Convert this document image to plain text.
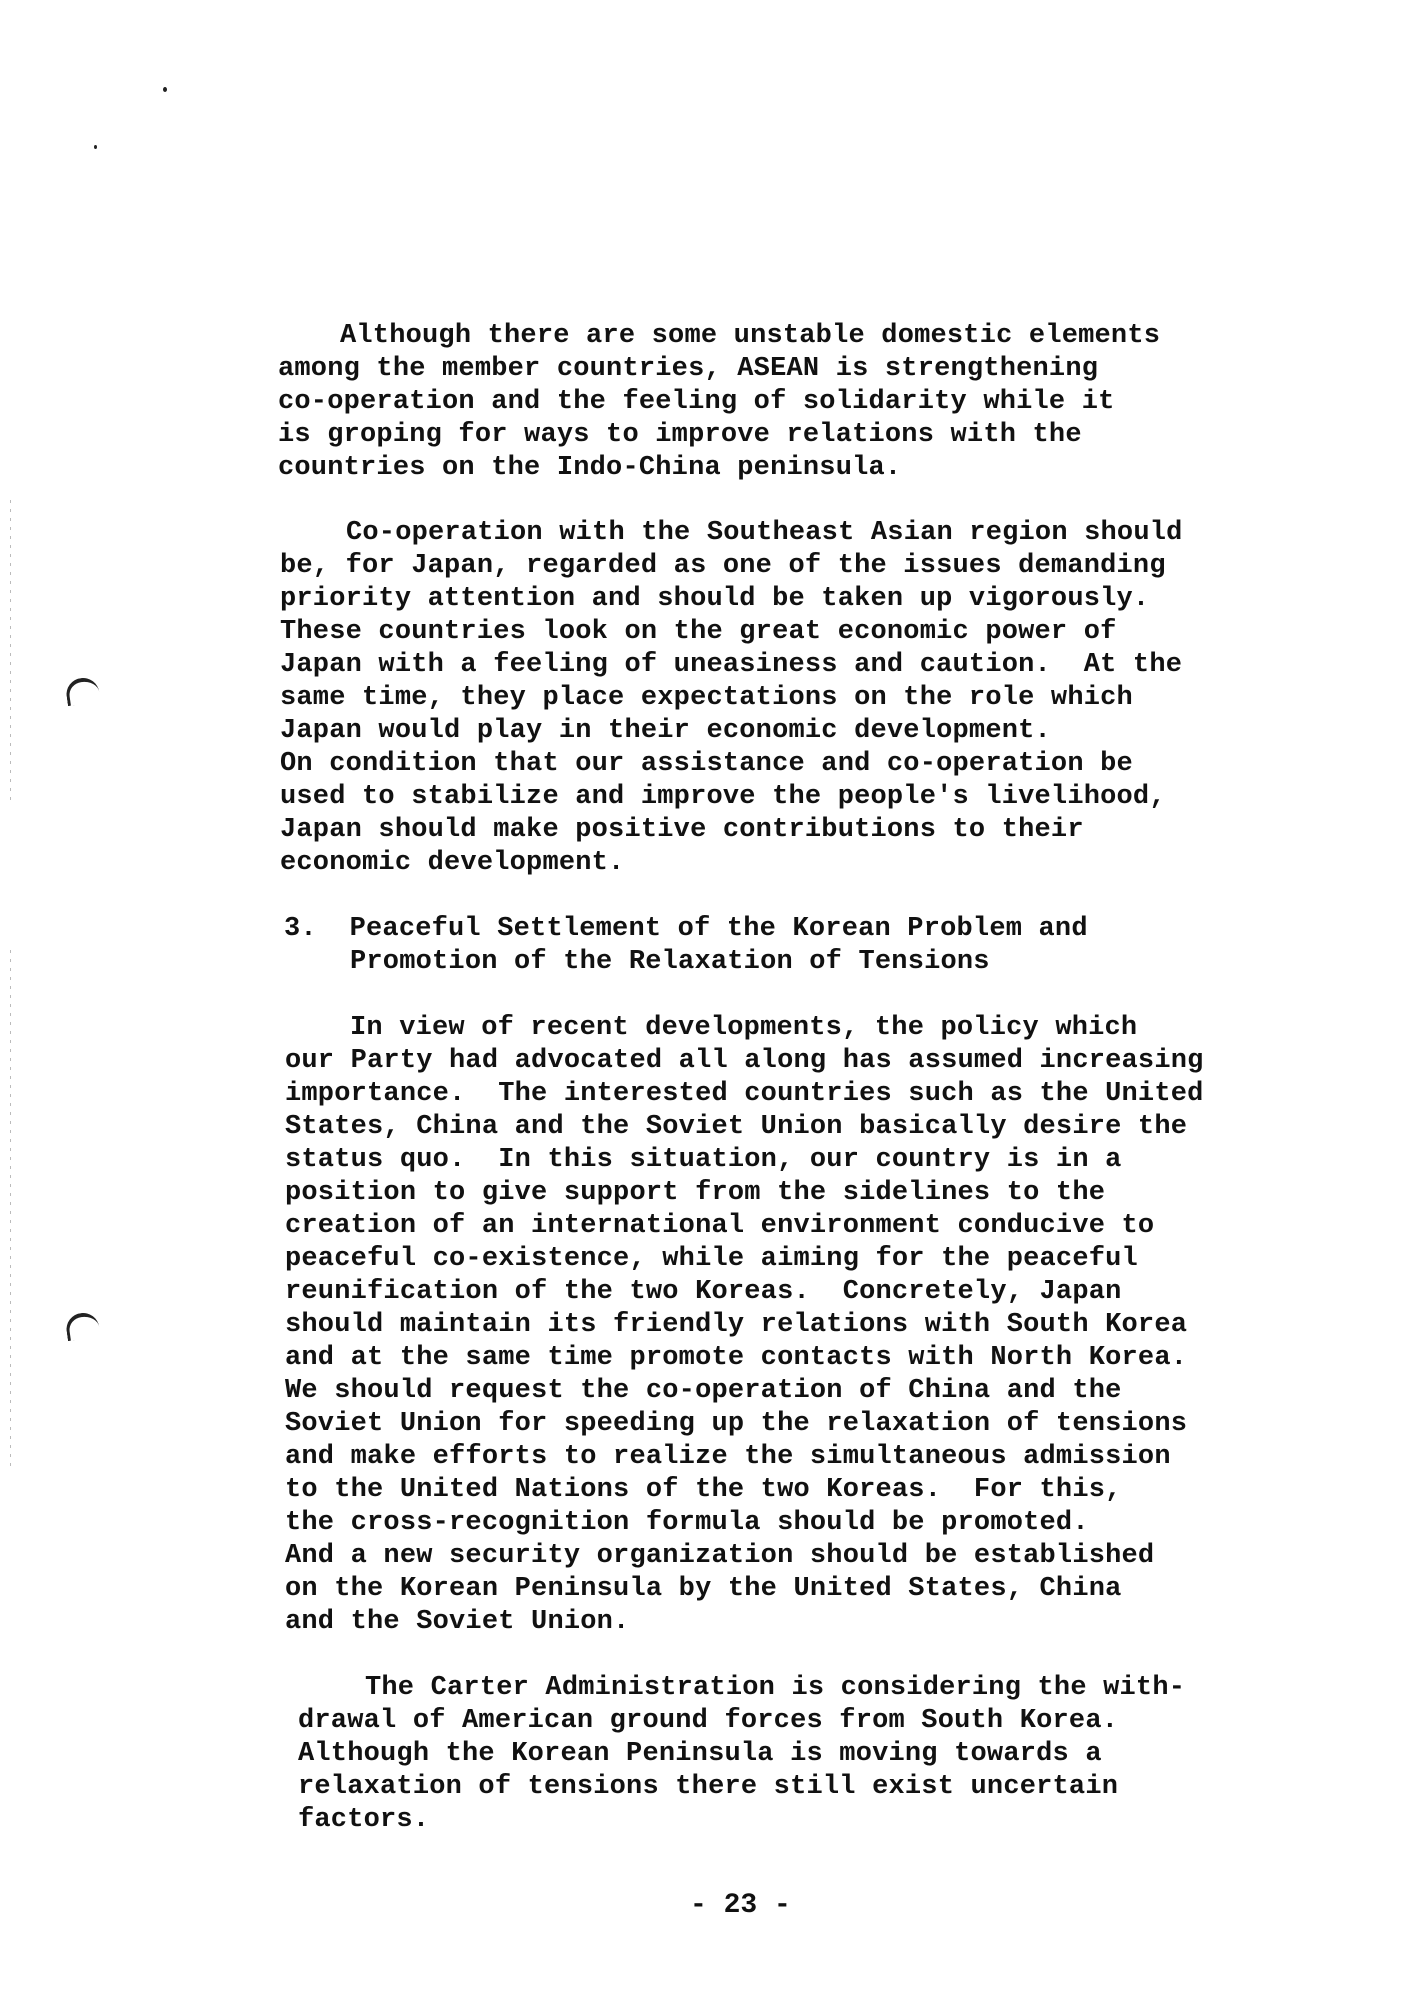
Although there are some unstable domestic elements
among the member countries, ASEAN is strengthening
co-operation and the feeling of solidarity while it
is groping for ways to improve relations with the
countries on the Indo-China peninsula.
Co-operation with the Southeast Asian region should
be, for Japan, regarded as one of the issues demanding
priority attention and should be taken up vigorously.
These countries look on the great economic power of
Japan with a feeling of uneasiness and caution.  At the
same time, they place expectations on the role which
Japan would play in their economic development.
On condition that our assistance and co-operation be
used to stabilize and improve the people's livelihood,
Japan should make positive contributions to their
economic development.
3.  Peaceful Settlement of the Korean Problem and
Promotion of the Relaxation of Tensions
In view of recent developments, the policy which
our Party had advocated all along has assumed increasing
importance.  The interested countries such as the United
States, China and the Soviet Union basically desire the
status quo.  In this situation, our country is in a
position to give support from the sidelines to the
creation of an international environment conducive to
peaceful co-existence, while aiming for the peaceful
reunification of the two Koreas.  Concretely, Japan
should maintain its friendly relations with South Korea
and at the same time promote contacts with North Korea.
We should request the co-operation of China and the
Soviet Union for speeding up the relaxation of tensions
and make efforts to realize the simultaneous admission
to the United Nations of the two Koreas.  For this,
the cross-recognition formula should be promoted.
And a new security organization should be established
on the Korean Peninsula by the United States, China
and the Soviet Union.
The Carter Administration is considering the with-
drawal of American ground forces from South Korea.
Although the Korean Peninsula is moving towards a
relaxation of tensions there still exist uncertain
factors.
- 23 -
